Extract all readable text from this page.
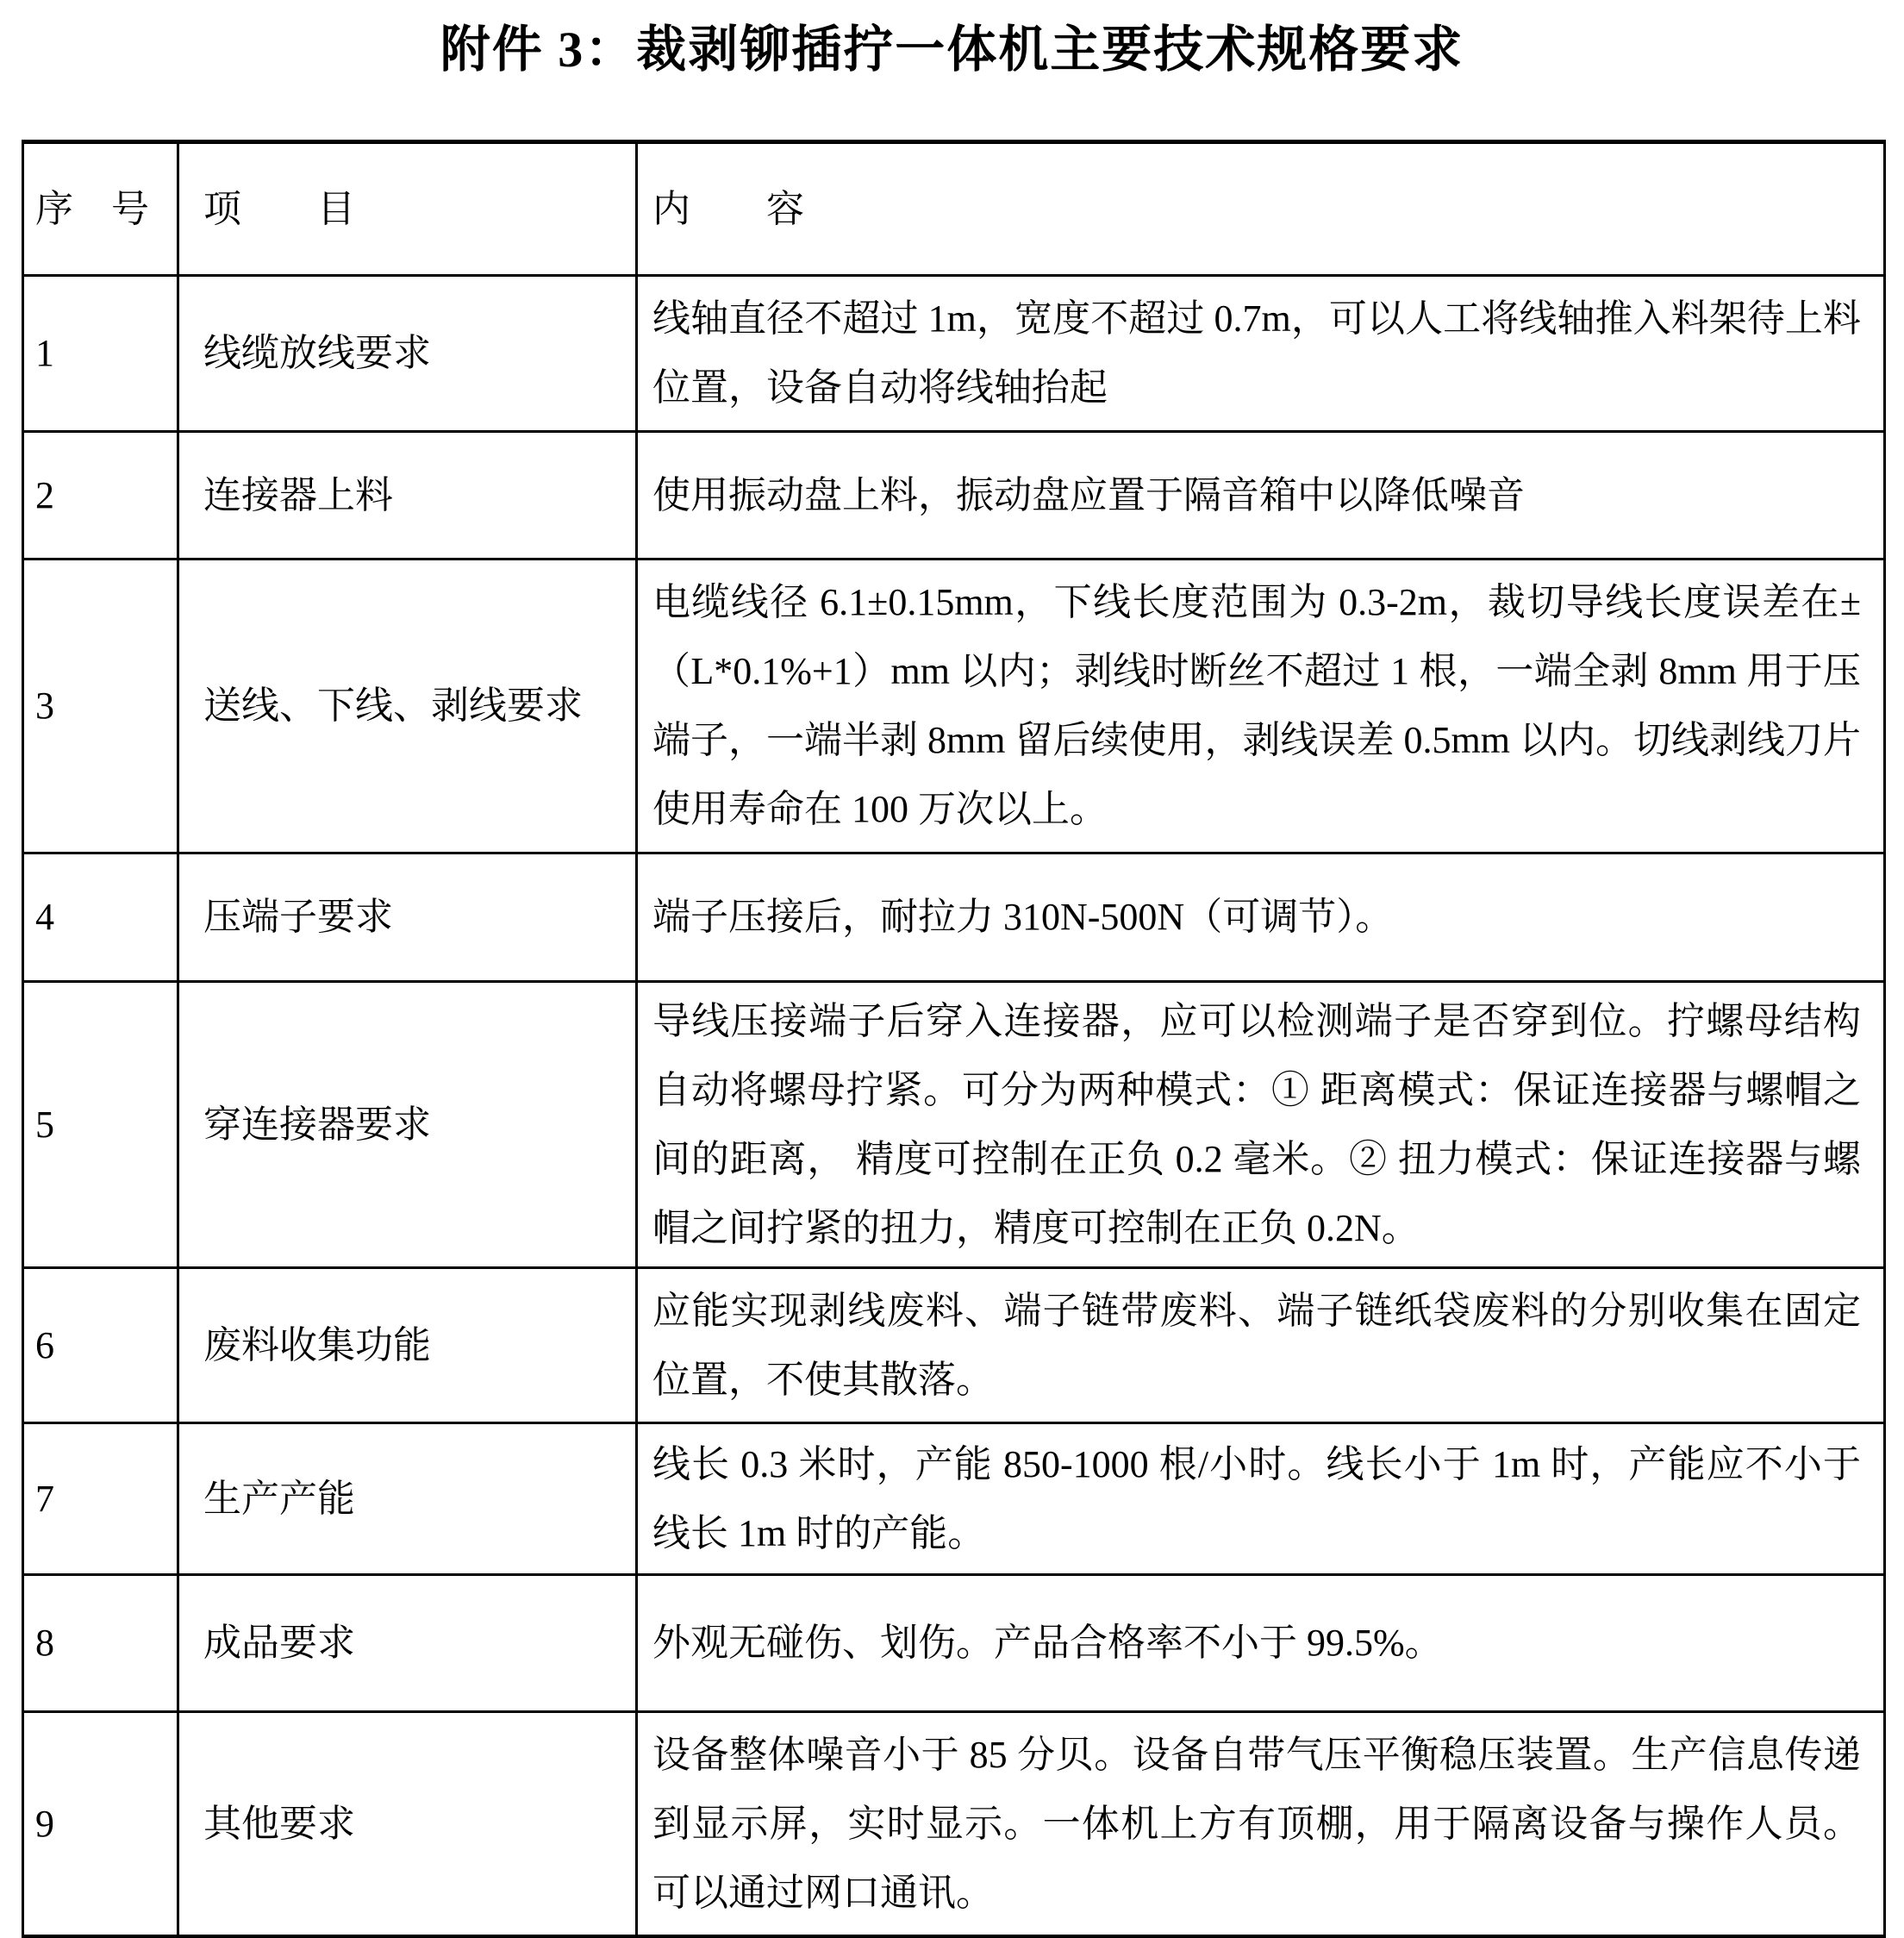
附件 3：裁剥铆插拧一体机主要技术规格要求
序　号	项　　目	内　　容
1	线缆放线要求	线轴直径不超过 1m，宽度不超过 0.7m，可以人工将线轴推入料架待上料位置，设备自动将线轴抬起
2	连接器上料	使用振动盘上料，振动盘应置于隔音箱中以降低噪音
3	送线、下线、剥线要求	电缆线径 6.1±0.15mm，下线长度范围为 0.3-2m，裁切导线长度误差在±（L*0.1%+1）mm 以内；剥线时断丝不超过 1 根，一端全剥 8mm 用于压端子，一端半剥 8mm 留后续使用，剥线误差 0.5mm 以内。切线剥线刀片使用寿命在 100 万次以上。
4	压端子要求	端子压接后，耐拉力 310N-500N（可调节）。
5	穿连接器要求	导线压接端子后穿入连接器，应可以检测端子是否穿到位。拧螺母结构自动将螺母拧紧。可分为两种模式：① 距离模式：保证连接器与螺帽之间的距离， 精度可控制在正负 0.2 毫米。② 扭力模式：保证连接器与螺帽之间拧紧的扭力，精度可控制在正负 0.2N。
6	废料收集功能	应能实现剥线废料、端子链带废料、端子链纸袋废料的分别收集在固定位置，不使其散落。
7	生产产能	线长 0.3 米时，产能 850-1000 根/小时。线长小于 1m 时，产能应不小于线长 1m 时的产能。
8	成品要求	外观无碰伤、划伤。产品合格率不小于 99.5%。
9	其他要求	设备整体噪音小于 85 分贝。设备自带气压平衡稳压装置。生产信息传递到显示屏，实时显示。一体机上方有顶棚，用于隔离设备与操作人员。可以通过网口通讯。
